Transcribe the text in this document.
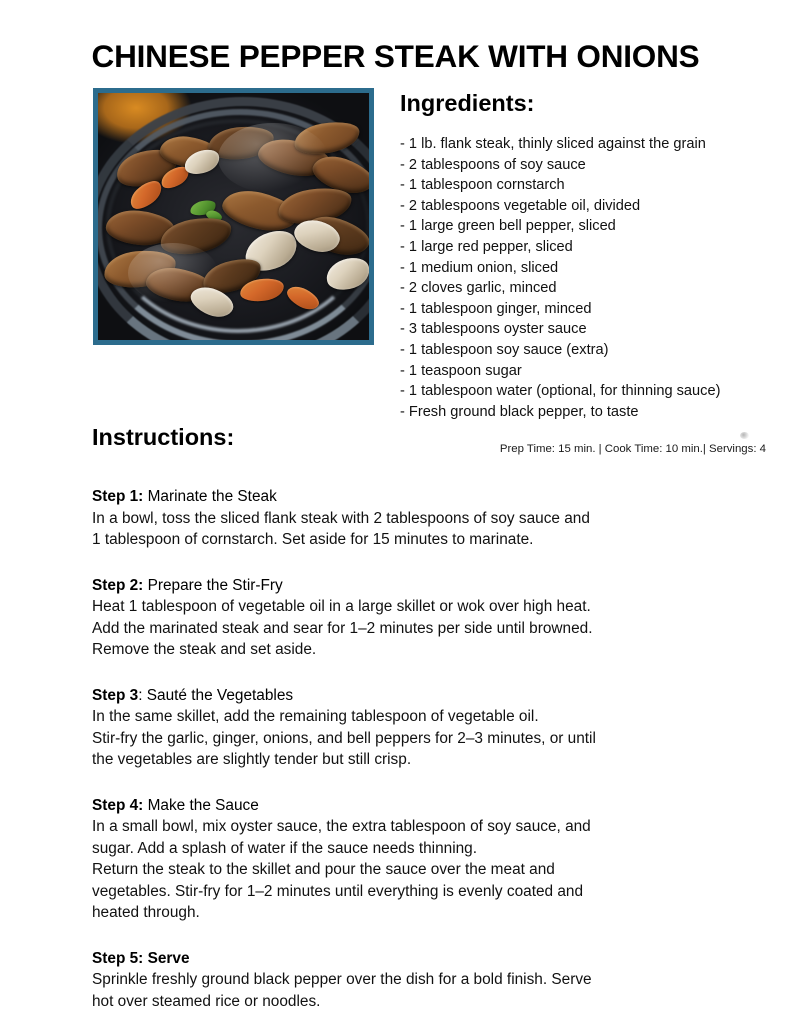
CHINESE PEPPER STEAK WITH ONIONS
Ingredients:
- 1 lb. flank steak, thinly sliced against the grain
- 2 tablespoons of soy sauce
- 1 tablespoon cornstarch
- 2 tablespoons vegetable oil, divided
- 1 large green bell pepper, sliced
- 1 large red pepper, sliced
- 1 medium onion, sliced
- 2 cloves garlic, minced
- 1 tablespoon ginger, minced
- 3 tablespoons oyster sauce
- 1 tablespoon soy sauce (extra)
- 1 teaspoon sugar
- 1 tablespoon water (optional, for thinning sauce)
- Fresh ground black pepper, to taste
Instructions:	Prep Time: 15 min. | Cook Time: 10 min.| Servings: 4
Step 1: Marinate the Steak
In a bowl, toss the sliced flank steak with 2 tablespoons of soy sauce and
1 tablespoon of cornstarch. Set aside for 15 minutes to marinate.
Step 2: Prepare the Stir-Fry
Heat 1 tablespoon of vegetable oil in a large skillet or wok over high heat.
Add the marinated steak and sear for 1–2 minutes per side until browned.
Remove the steak and set aside.
Step 3: Sauté the Vegetables
In the same skillet, add the remaining tablespoon of vegetable oil.
Stir-fry the garlic, ginger, onions, and bell peppers for 2–3 minutes, or until
the vegetables are slightly tender but still crisp.
Step 4: Make the Sauce
In a small bowl, mix oyster sauce, the extra tablespoon of soy sauce, and
sugar. Add a splash of water if the sauce needs thinning.
Return the steak to the skillet and pour the sauce over the meat and
vegetables. Stir-fry for 1–2 minutes until everything is evenly coated and
heated through.
Step 5: Serve
Sprinkle freshly ground black pepper over the dish for a bold finish. Serve
hot over steamed rice or noodles.
